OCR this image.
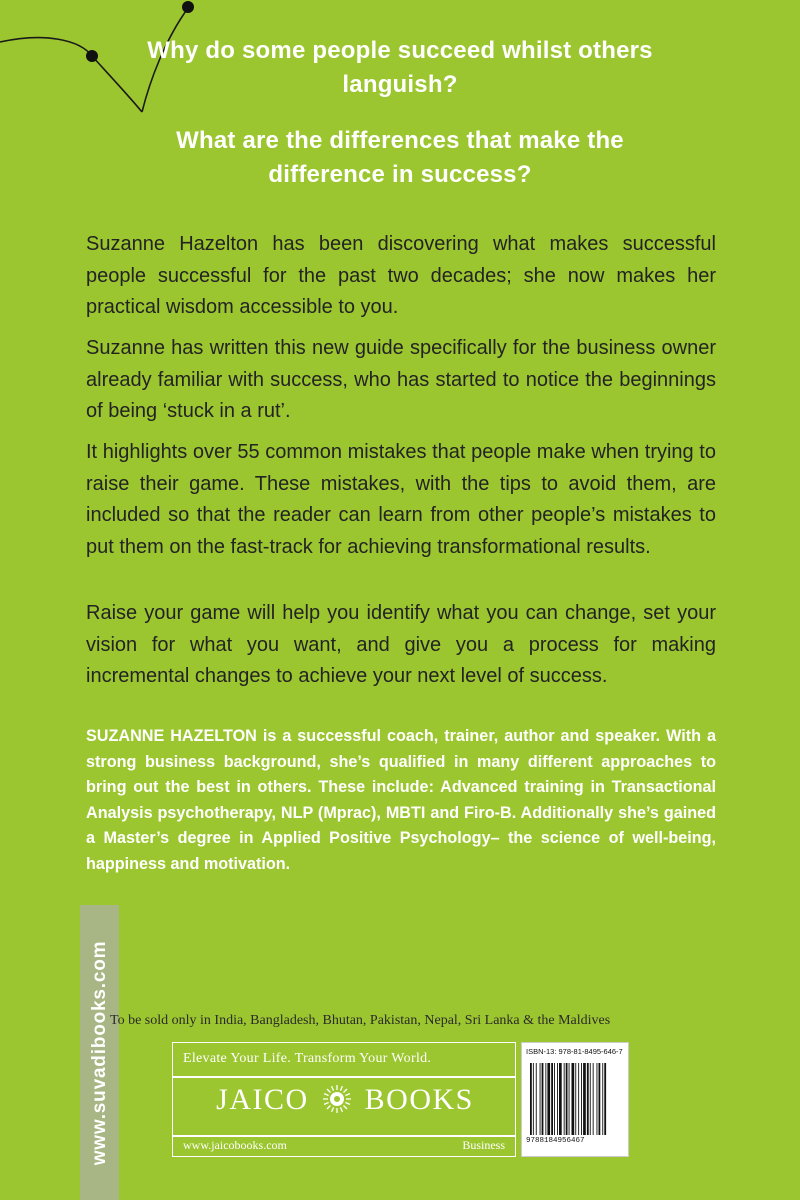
Why do some people succeed whilst others languish?
What are the differences that make the difference in success?

Suzanne Hazelton has been discovering what makes successful people successful for the past two decades; she now makes her practical wisdom accessible to you.

Suzanne has written this new guide specifically for the business owner already familiar with success, who has started to notice the beginnings of being ‘stuck in a rut’.

It highlights over 55 common mistakes that people make when trying to raise their game. These mistakes, with the tips to avoid them, are included so that the reader can learn from other people’s mistakes to put them on the fast-track for achieving transformational results.

Raise your game will help you identify what you can change, set your vision for what you want, and give you a process for making incremental changes to achieve your next level of success.

SUZANNE HAZELTON is a successful coach, trainer, author and speaker. With a strong business background, she’s qualified in many different approaches to bring out the best in others. These include: Advanced training in Transactional Analysis psychotherapy, NLP (Mprac), MBTI and Firo-B. Additionally she’s gained a Master’s degree in Applied Positive Psychology– the science of well-being, happiness and motivation.

www.suvadibooks.com To be sold only in India, Bangladesh, Bhutan, Pakistan, Nepal, Sri Lanka & the Maldives
Elevate Your Life. Transform Your World.
JAICO BOOKS
www.jaicobooks.com	Business
ISBN-13: 978-81-8495-646-7
9788184956467
